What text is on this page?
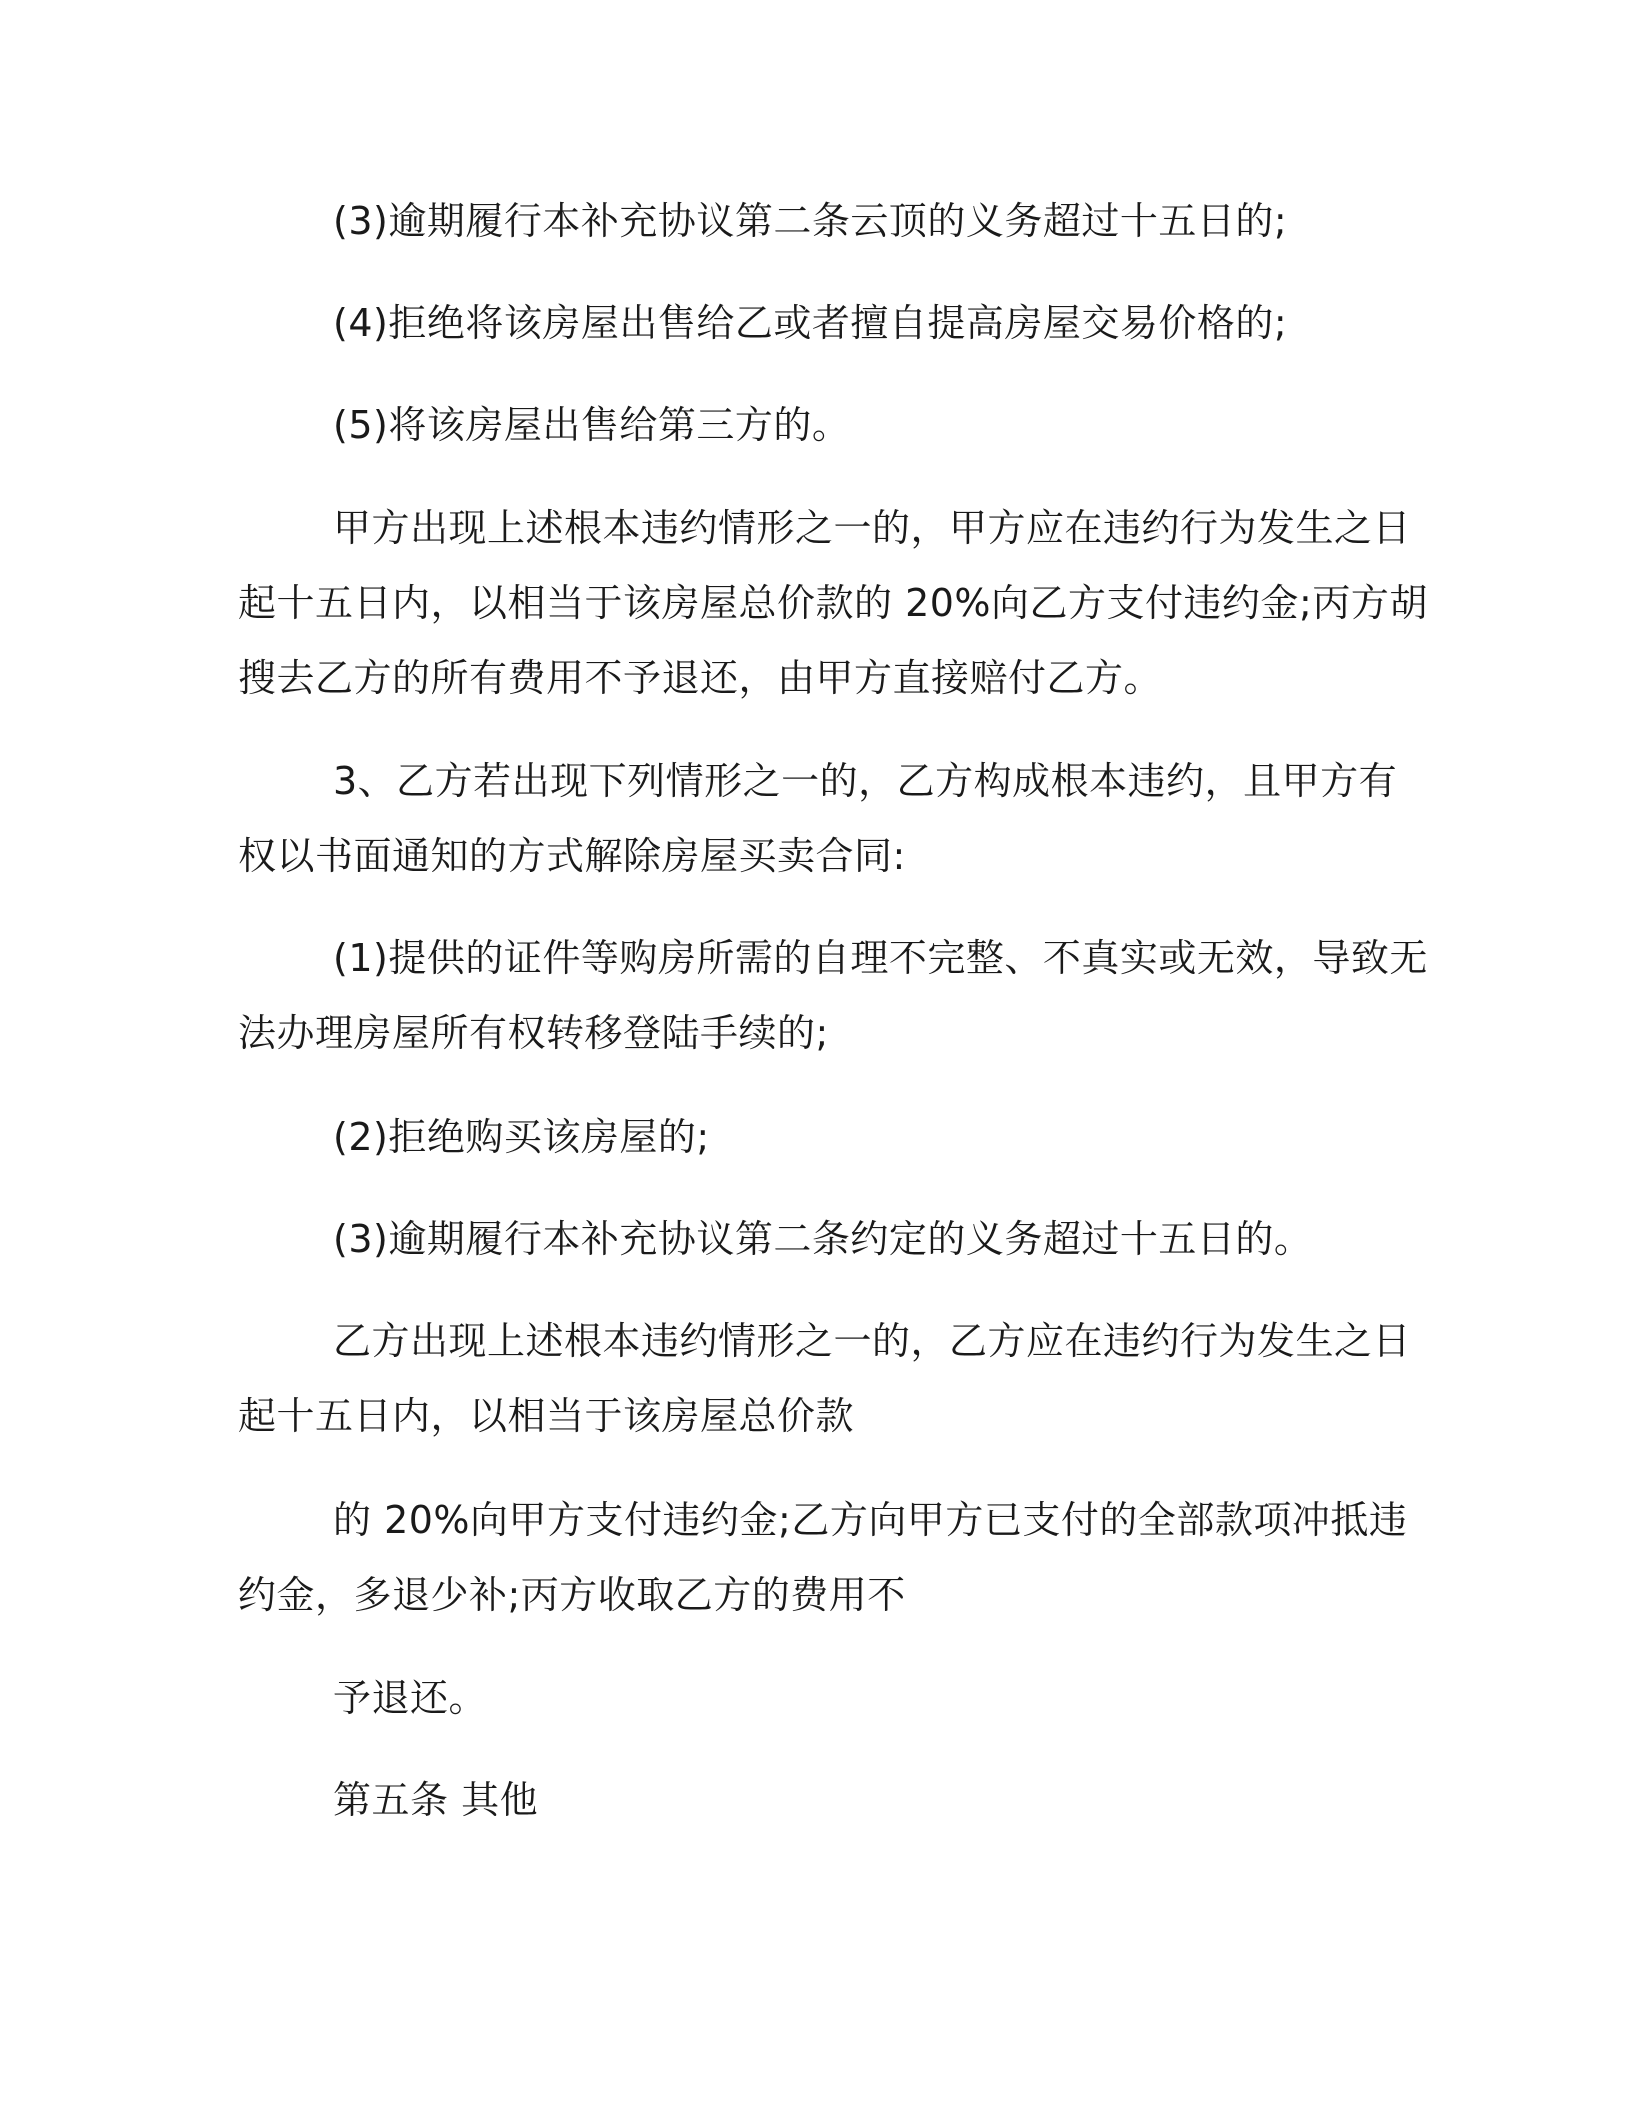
(3)逾期履行本补充协议第二条云顶的义务超过十五日的;
(4)拒绝将该房屋出售给乙或者擅自提高房屋交易价格的;
(5)将该房屋出售给第三方的。
甲方出现上述根本违约情形之一的，甲方应在违约行为发生之日
起十五日内，以相当于该房屋总价款的 20%向乙方支付违约金;丙方胡
搜去乙方的所有费用不予退还，由甲方直接赔付乙方。
3、乙方若出现下列情形之一的，乙方构成根本违约，且甲方有
权以书面通知的方式解除房屋买卖合同:
(1)提供的证件等购房所需的自理不完整、不真实或无效，导致无
法办理房屋所有权转移登陆手续的;
(2)拒绝购买该房屋的;
(3)逾期履行本补充协议第二条约定的义务超过十五日的。
乙方出现上述根本违约情形之一的，乙方应在违约行为发生之日
起十五日内，以相当于该房屋总价款
的 20%向甲方支付违约金;乙方向甲方已支付的全部款项冲抵违
约金，多退少补;丙方收取乙方的费用不
予退还。
第五条 其他
